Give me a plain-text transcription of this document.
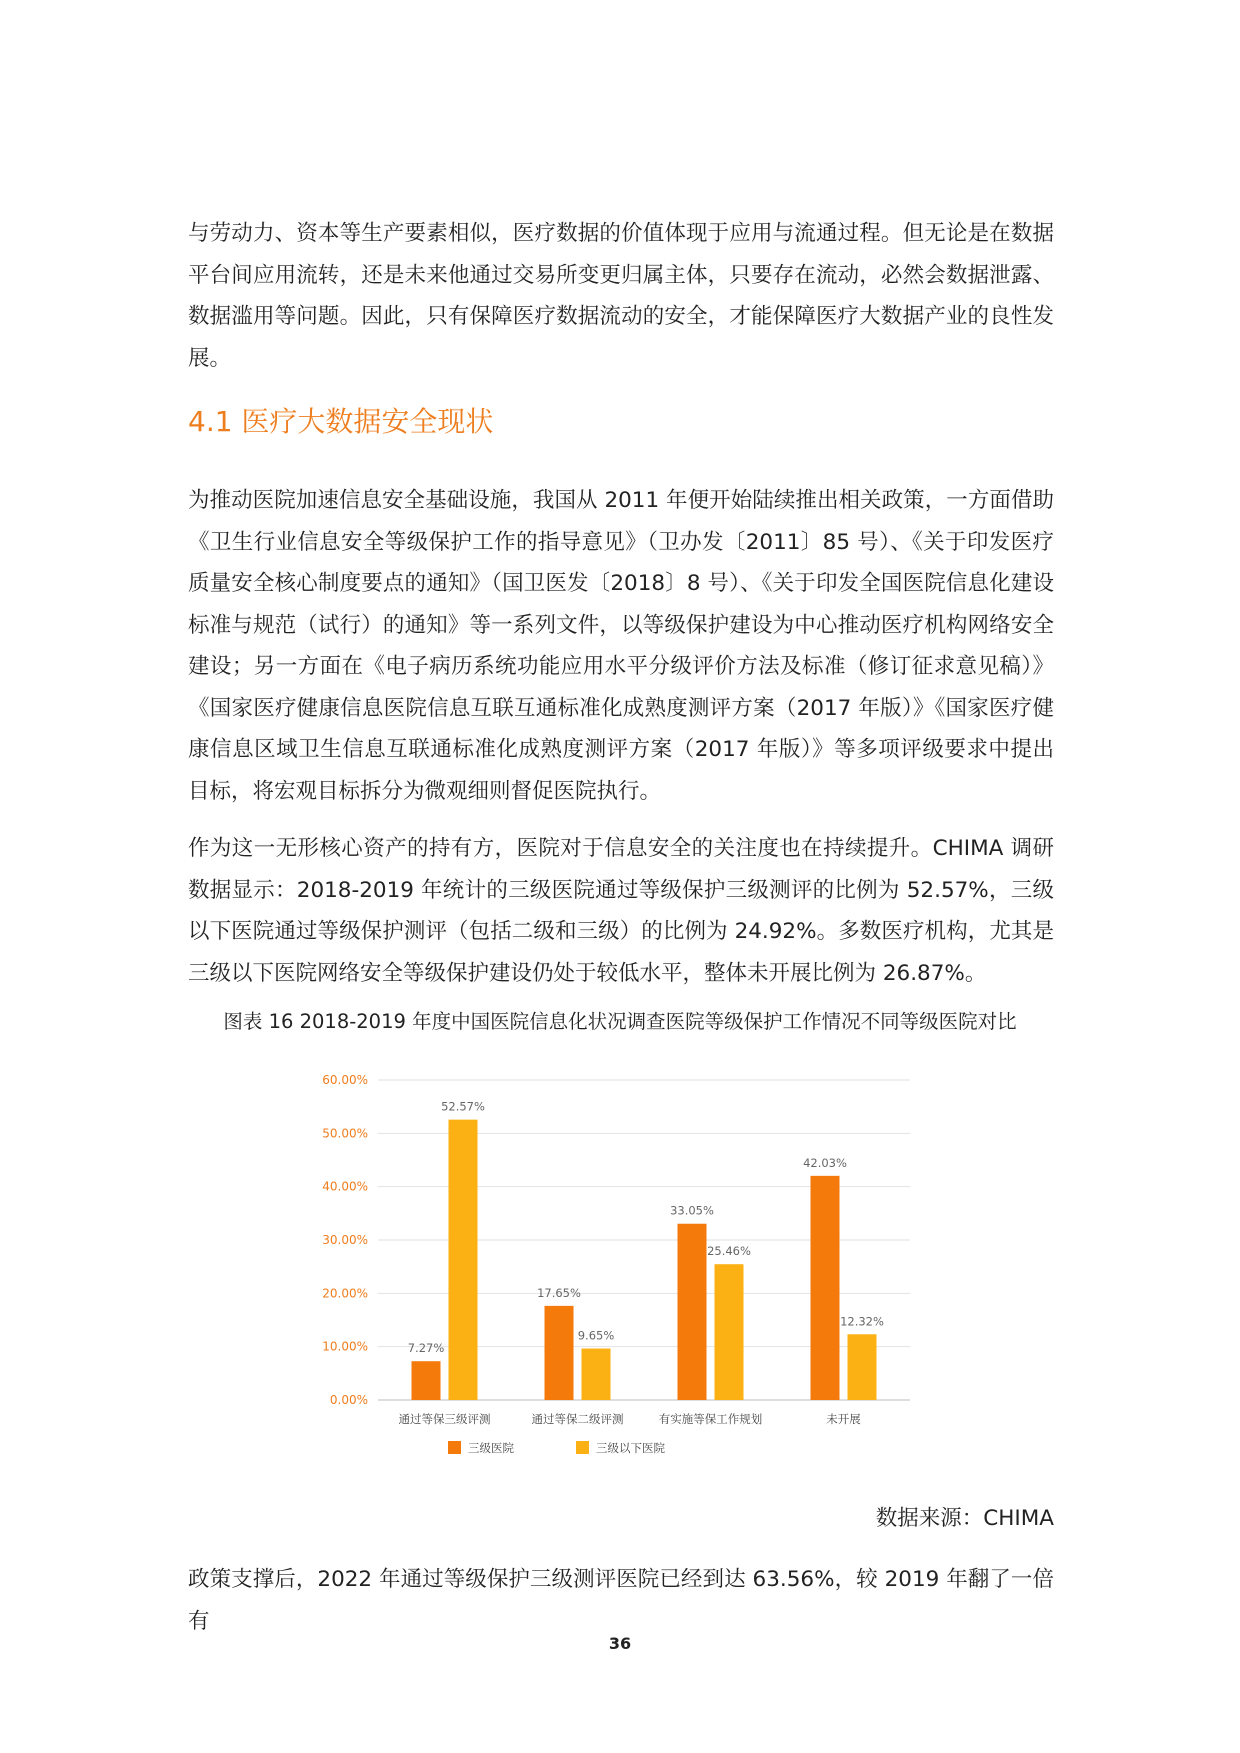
与劳动力、资本等生产要素相似，医疗数据的价值体现于应用与流通过程。但无论是在数据平台间应用流转，还是未来他通过交易所变更归属主体，只要存在流动，必然会数据泄露、数据滥用等问题。因此，只有保障医疗数据流动的安全，才能保障医疗大数据产业的良性发展。

4.1 医疗大数据安全现状

为推动医院加速信息安全基础设施，我国从 2011 年便开始陆续推出相关政策，一方面借助《卫生行业信息安全等级保护工作的指导意见》（卫办发〔2011〕85 号）、《关于印发医疗质量安全核心制度要点的通知》（国卫医发〔2018〕8 号）、《关于印发全国医院信息化建设标准与规范（试行）的通知》等一系列文件，以等级保护建设为中心推动医疗机构网络安全建设；另一方面在《电子病历系统功能应用水平分级评价方法及标准（修订征求意见稿）》《国家医疗健康信息医院信息互联互通标准化成熟度测评方案（2017 年版）》《国家医疗健康信息区域卫生信息互联通标准化成熟度测评方案（2017 年版）》等多项评级要求中提出目标，将宏观目标拆分为微观细则督促医院执行。

作为这一无形核心资产的持有方，医院对于信息安全的关注度也在持续提升。CHIMA 调研数据显示：2018-2019 年统计的三级医院通过等级保护三级测评的比例为 52.57%，三级以下医院通过等级保护测评（包括二级和三级）的比例为 24.92%。多数医疗机构，尤其是三级以下医院网络安全等级保护建设仍处于较低水平，整体未开展比例为 26.87%。

图表 16 2018-2019 年度中国医院信息化状况调查医院等级保护工作情况不同等级医院对比
0.00%
10.00%
20.00%
30.00%
40.00%
50.00%
60.00%
7.27%
52.57%
17.65%
9.65%
33.05%
25.46%
42.03%
12.32%
通过等保三级评测	通过等保二级评测	有实施等保工作规划	未开展
三级医院	三级以下医院
数据来源：CHIMA

政策支撑后，2022 年通过等级保护三级测评医院已经到达 63.56%，较 2019 年翻了一倍有

36
